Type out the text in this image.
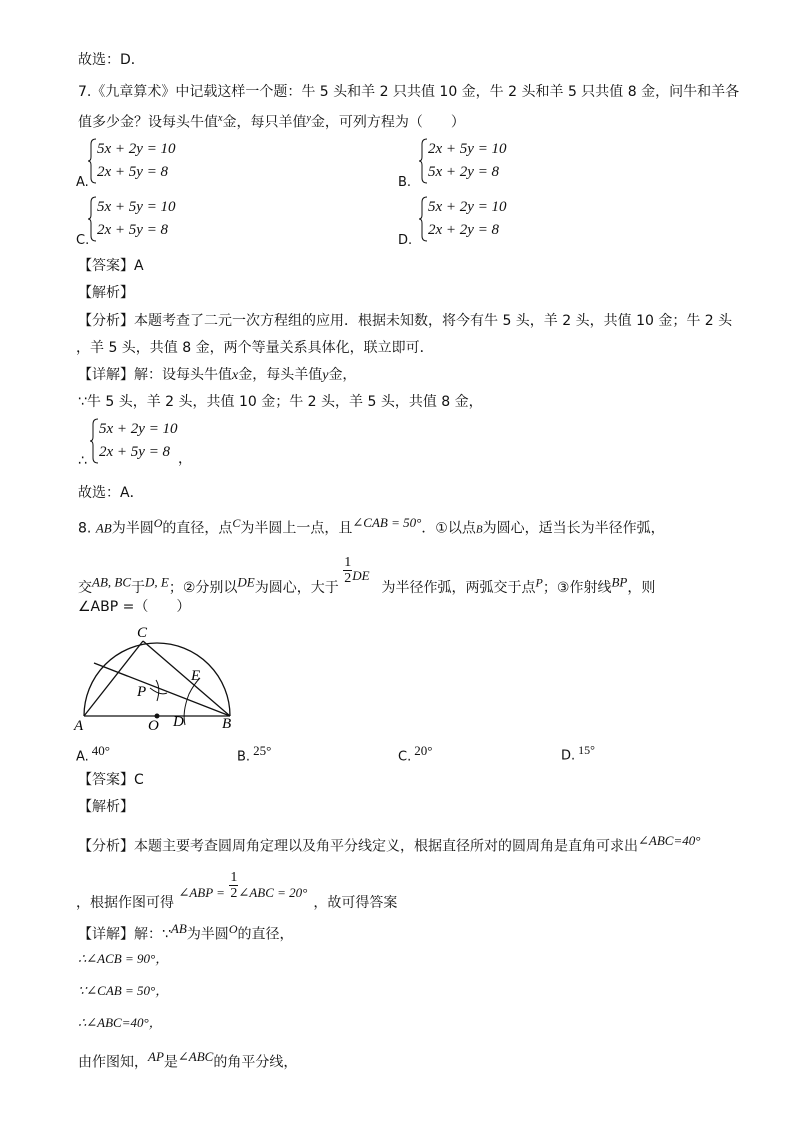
故选：D．
7.《九章算术》中记载这样一个题：牛 5 头和羊 2 只共值 10 金，牛 2 头和羊 5 只共值 8 金，问牛和羊各
值多少金？设每头牛值$^x$金，每只羊值$^y$金，可列方程为（　　）
A.
5x + 2y = 10
2x + 5y = 8
B.
2x + 5y = 10
5x + 2y = 8
C.
5x + 5y = 10
2x + 5y = 8
D.
5x + 2y = 10
2x + 2y = 8
【答案】A
【解析】
【分析】本题考查了二元一次方程组的应用．根据未知数，将今有牛 5 头，羊 2 头，共值 10 金；牛 2 头
，羊 5 头，共值 8 金，两个等量关系具体化，联立即可．
【详解】解：设每头牛值x金，每头羊值y金，
∵牛 5 头，羊 2 头，共值 10 金；牛 2 头，羊 5 头，共值 8 金，
∴
5x + 2y = 10
2x + 5y = 8 ，
故选：A．
8. AB为半圆$^O$的直径，点$^C$为半圆上一点，且$^{\angle CAB = 50^\circ}$．①以点B为圆心，适当长为半径作弧，
交$^{AB, BC}$于$^{D, E}$；②分别以$^{DE}$为圆心，大于
$\frac{1}{2}$ DE为半径作弧，两弧交于点$^P$；③作射线$^{BP}$，则
∠ABP =（　　）
A	B
C
O D
E
P
A. $^{40^\circ}$	B. $^{25^\circ}$	C. $^{20^\circ}$	D. $^{15^\circ}$
【答案】C
【解析】
【分析】本题主要考查圆周角定理以及角平分线定义，根据直径所对的圆周角是直角可求出$^{\angle ABC=40^\circ}$
，根据作图可得 ∠ABP = $\frac{1}{2}$ ∠ABC = 20°，故可得答案
【详解】解：∵$^{AB}$为半圆$^O$的直径，
∴∠ACB = 90°，
∵∠CAB = 50°，
∴∠ABC=40°，
由作图知，$^{AP}$是$^{\angle ABC}$的角平分线，
